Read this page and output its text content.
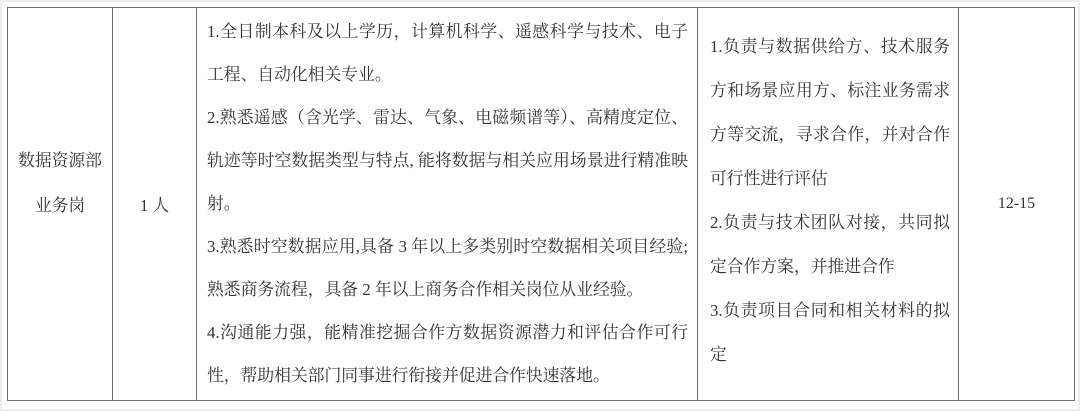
数据资源部
业务岗	1 人

1.全日制本科及以上学历，计算机科学、遥感科学与技术、电子工程、自动化相关专业。

2.熟悉遥感（含光学、雷达、气象、电磁频谱等）、高精度定位、轨迹等时空数据类型与特点, 能将数据与相关应用场景进行精准映射。

3.熟悉时空数据应用,具备 3 年以上多类别时空数据相关项目经验;熟悉商务流程，具备 2 年以上商务合作相关岗位从业经验。

4.沟通能力强，能精准挖掘合作方数据资源潜力和评估合作可行性，帮助相关部门同事进行衔接并促进合作快速落地。

1.负责与数据供给方、技术服务方和场景应用方、标注业务需求方等交流，寻求合作，并对合作可行性进行评估

2.负责与技术团队对接，共同拟定合作方案，并推进合作

3.负责项目合同和相关材料的拟定

12-15
